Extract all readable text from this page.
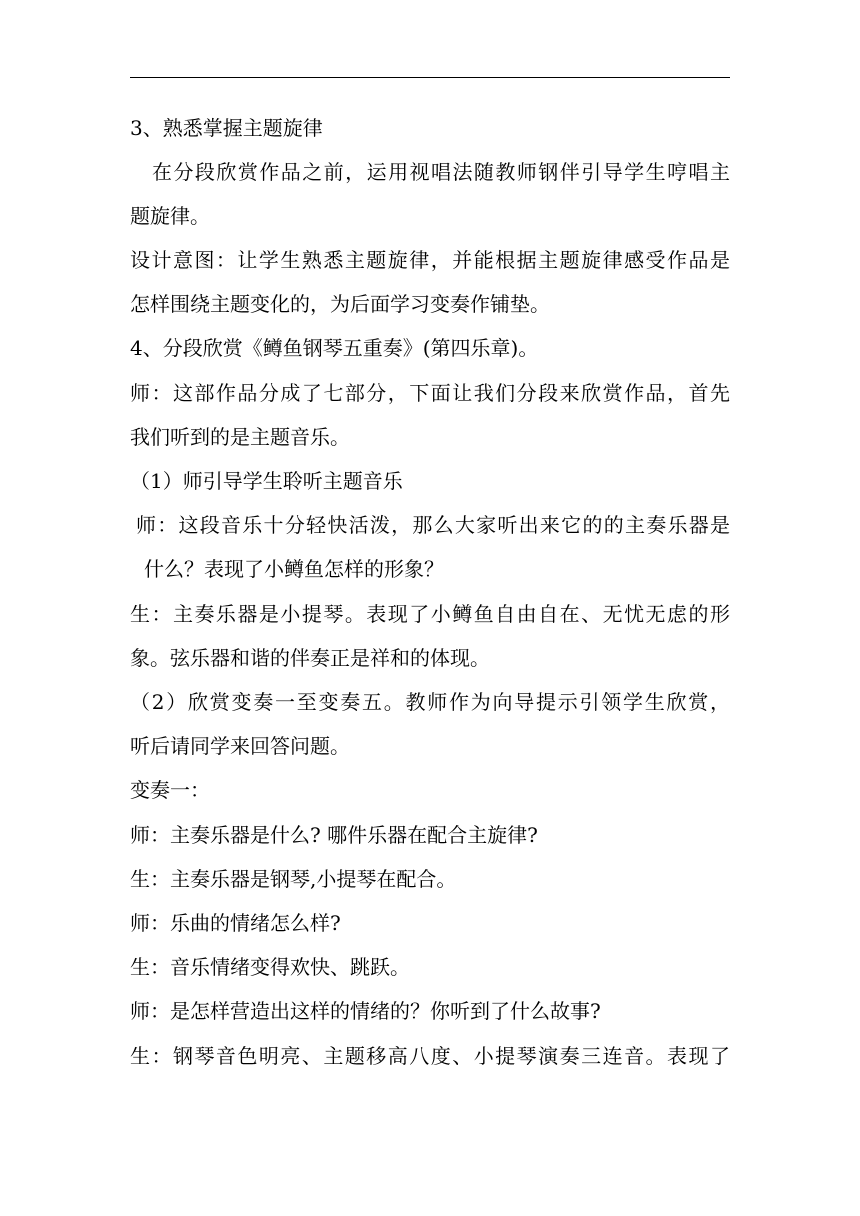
3、熟悉掌握主题旋律
在分段欣赏作品之前，运用视唱法随教师钢伴引导学生哼唱主
题旋律。
设计意图：让学生熟悉主题旋律，并能根据主题旋律感受作品是
怎样围绕主题变化的，为后面学习变奏作铺垫。
4、分段欣赏《鳟鱼钢琴五重奏》(第四乐章)。
师：这部作品分成了七部分，下面让我们分段来欣赏作品，首先
我们听到的是主题音乐。
（1）师引导学生聆听主题音乐
师：这段音乐十分轻快活泼，那么大家听出来它的的主奏乐器是
什么？表现了小鳟鱼怎样的形象？
生：主奏乐器是小提琴。表现了小鳟鱼自由自在、无忧无虑的形
象。弦乐器和谐的伴奏正是祥和的体现。
（2）欣赏变奏一至变奏五。教师作为向导提示引领学生欣赏，
听后请同学来回答问题。
变奏一：
师：主奏乐器是什么? 哪件乐器在配合主旋律?
生：主奏乐器是钢琴,小提琴在配合。
师：乐曲的情绪怎么样?
生：音乐情绪变得欢快、跳跃。
师：是怎样营造出这样的情绪的？你听到了什么故事?
生：钢琴音色明亮、主题移高八度、小提琴演奏三连音。表现了
